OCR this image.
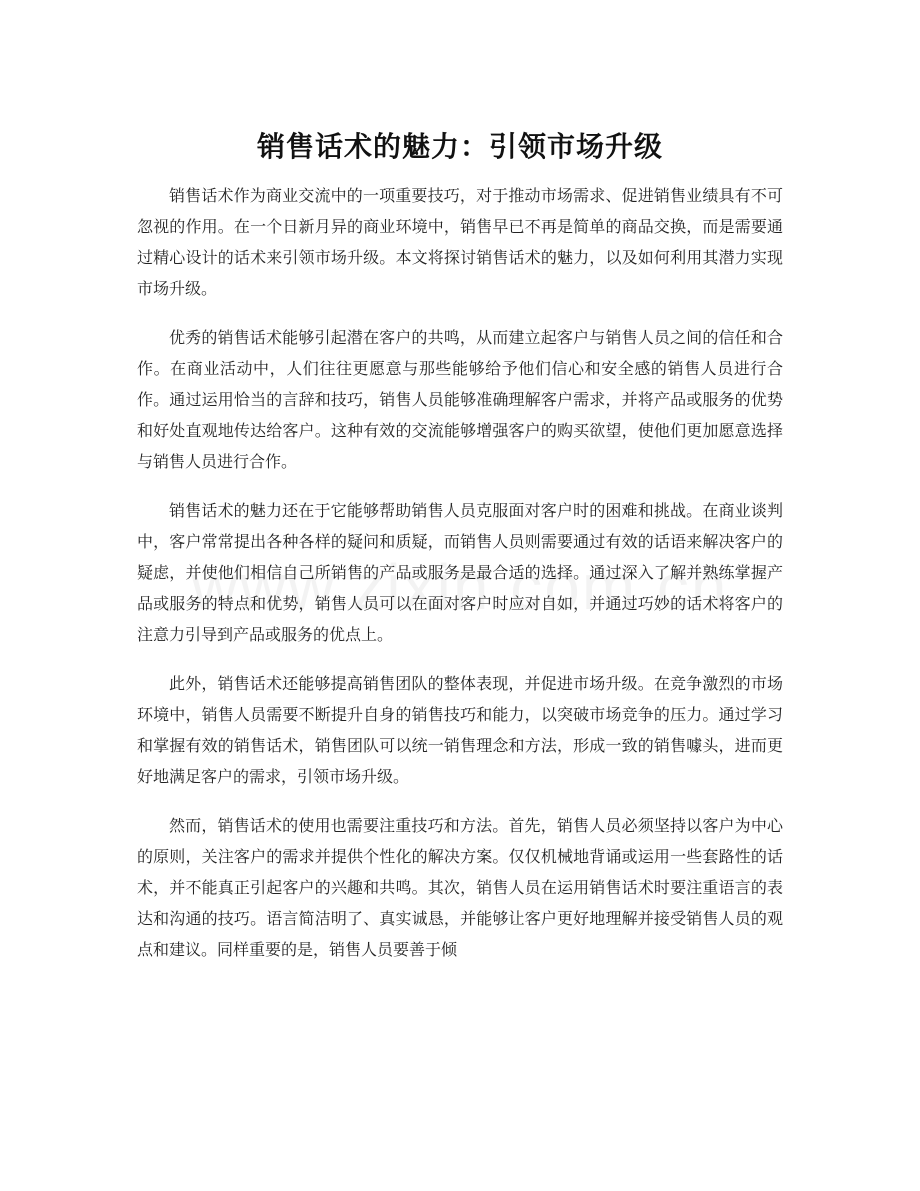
销售话术的魅力：引领市场升级

销售话术作为商业交流中的一项重要技巧，对于推动市场需求、促进销售业绩具有不可忽视的作用。在一个日新月异的商业环境中，销售早已不再是简单的商品交换，而是需要通过精心设计的话术来引领市场升级。本文将探讨销售话术的魅力，以及如何利用其潜力实现市场升级。

优秀的销售话术能够引起潜在客户的共鸣，从而建立起客户与销售人员之间的信任和合作。在商业活动中，人们往往更愿意与那些能够给予他们信心和安全感的销售人员进行合作。通过运用恰当的言辞和技巧，销售人员能够准确理解客户需求，并将产品或服务的优势和好处直观地传达给客户。这种有效的交流能够增强客户的购买欲望，使他们更加愿意选择与销售人员进行合作。

销售话术的魅力还在于它能够帮助销售人员克服面对客户时的困难和挑战。在商业谈判中，客户常常提出各种各样的疑问和质疑，而销售人员则需要通过有效的话语来解决客户的疑虑，并使他们相信自己所销售的产品或服务是最合适的选择。通过深入了解并熟练掌握产品或服务的特点和优势，销售人员可以在面对客户时应对自如，并通过巧妙的话术将客户的注意力引导到产品或服务的优点上。

此外，销售话术还能够提高销售团队的整体表现，并促进市场升级。在竞争激烈的市场环境中，销售人员需要不断提升自身的销售技巧和能力，以突破市场竞争的压力。通过学习和掌握有效的销售话术，销售团队可以统一销售理念和方法，形成一致的销售噱头，进而更好地满足客户的需求，引领市场升级。

然而，销售话术的使用也需要注重技巧和方法。首先，销售人员必须坚持以客户为中心的原则，关注客户的需求并提供个性化的解决方案。仅仅机械地背诵或运用一些套路性的话术，并不能真正引起客户的兴趣和共鸣。其次，销售人员在运用销售话术时要注重语言的表达和沟通的技巧。语言简洁明了、真实诚恳，并能够让客户更好地理解并接受销售人员的观点和建议。同样重要的是，销售人员要善于倾
